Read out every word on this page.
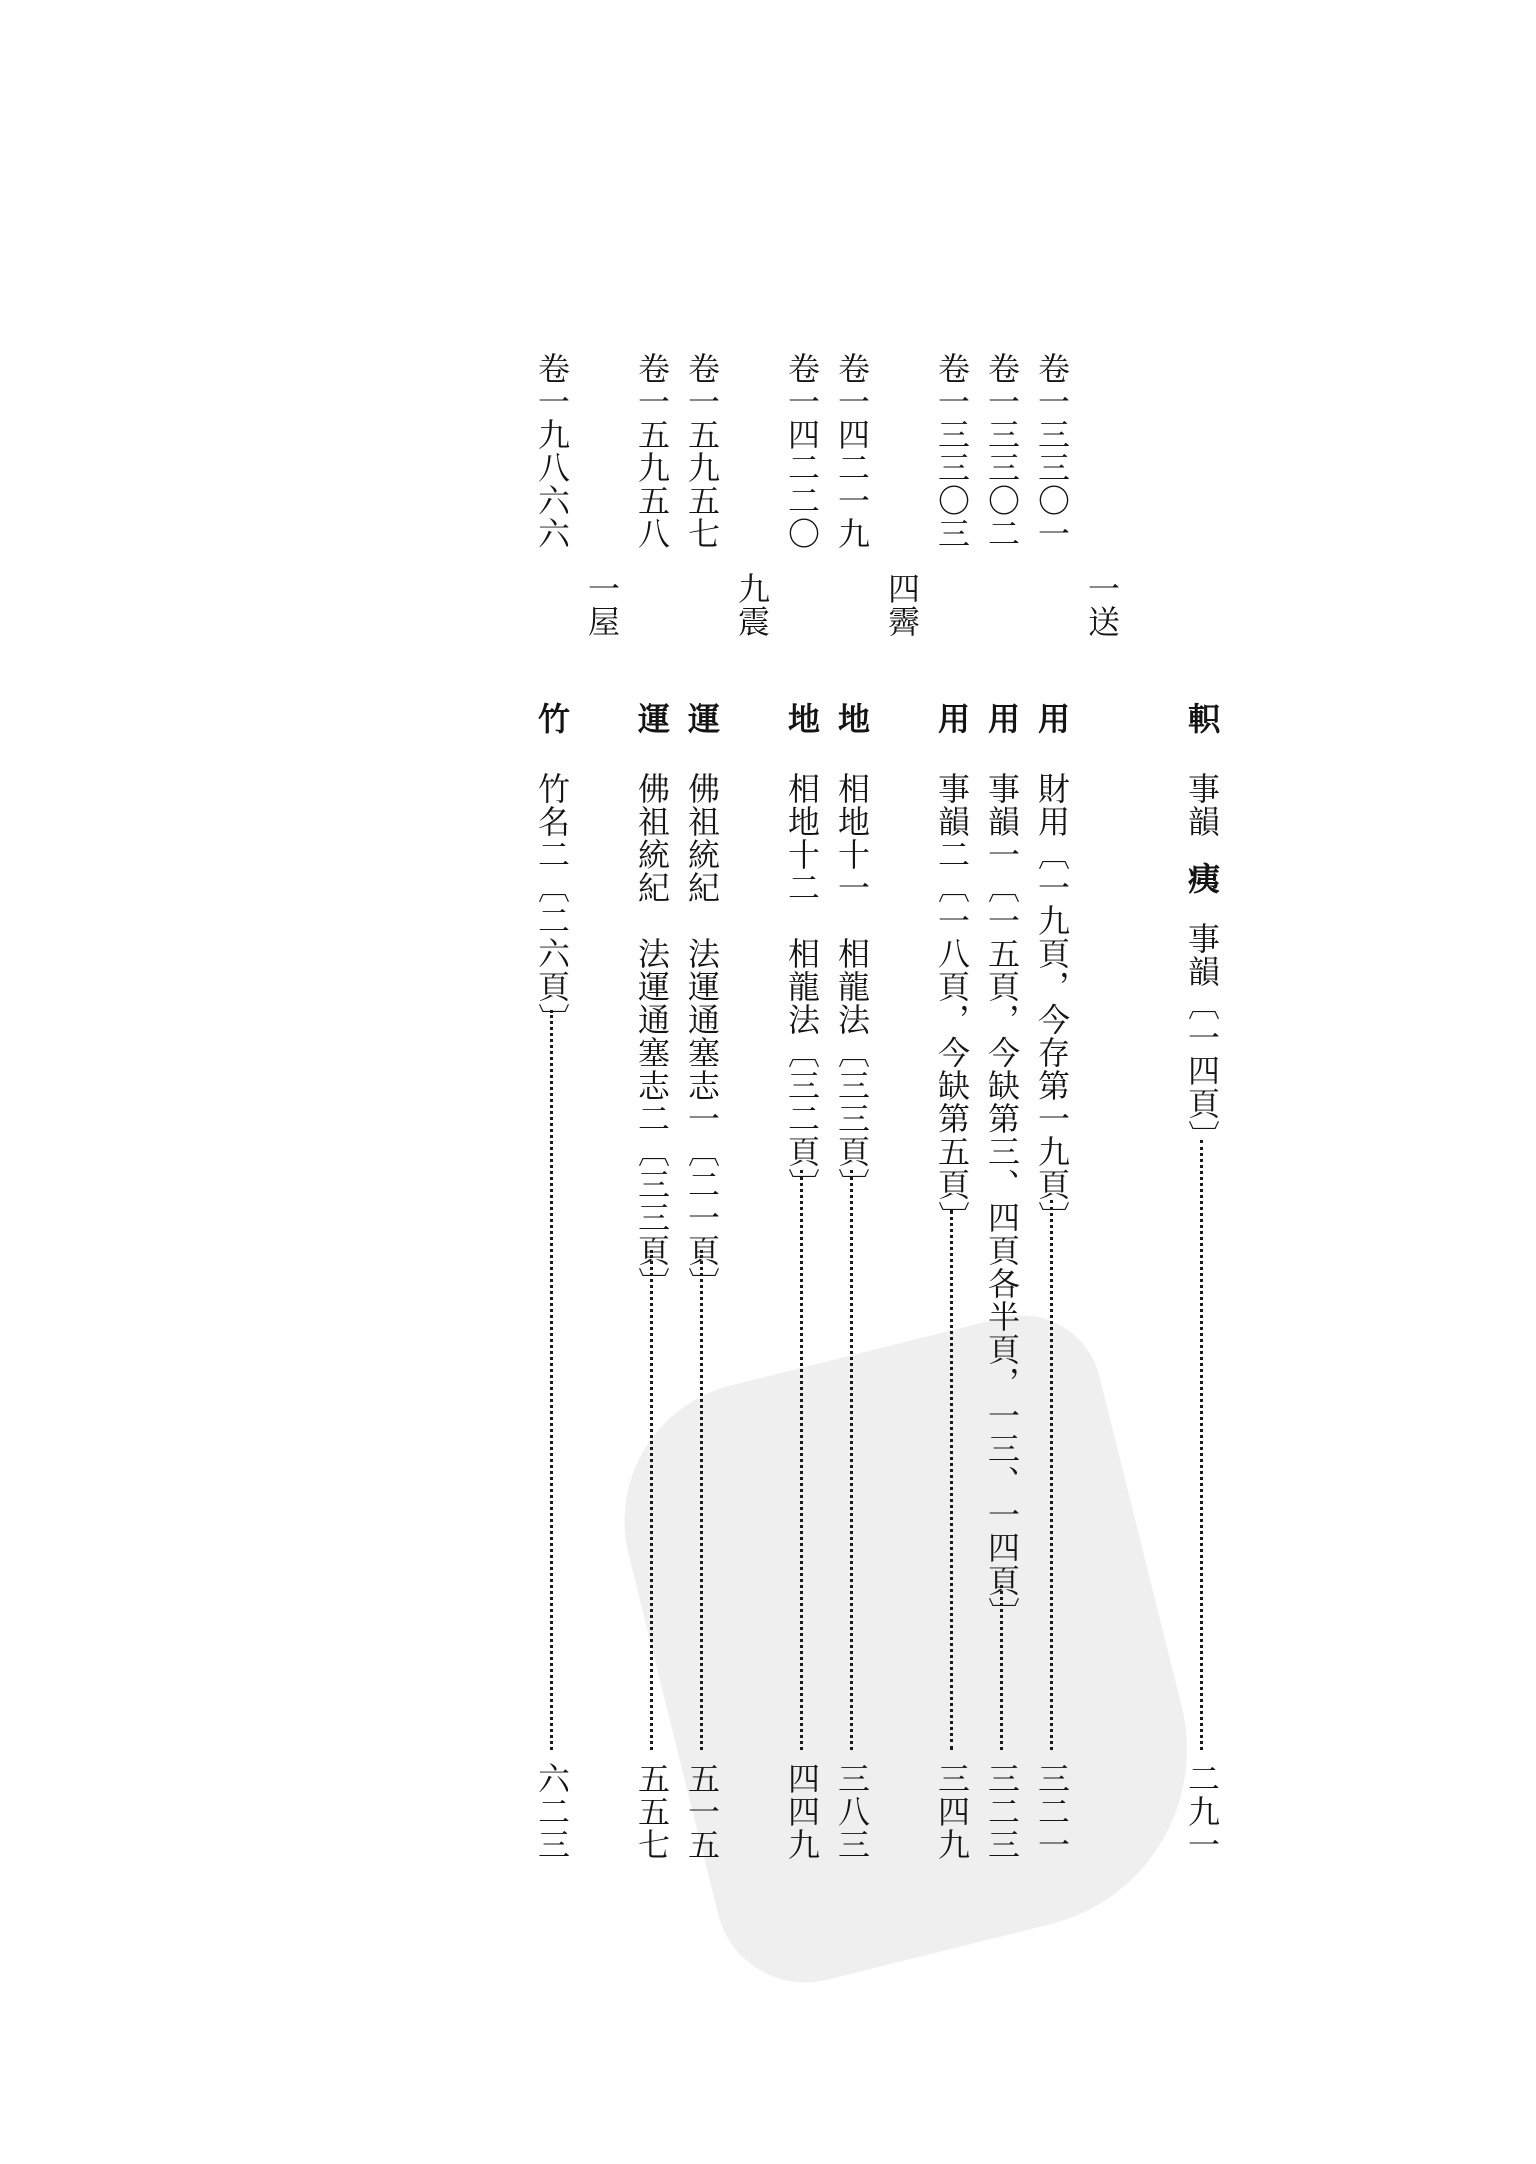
卷一三三〇一
卷一三三〇二
卷一三三〇三
卷一四二一九
卷一四二二〇
卷一五九五七
卷一五九五八
卷一九八六六
一送
四霽
九震
一屋
軹
事韻
痍
事韻〔一四頁〕
二九一
用
財用〔一九頁，今存第一九頁〕
三二一
用
事韻一〔一五頁，今缺第三、四頁各半頁，一三、一四頁〕
三二三
用
事韻二〔一八頁，今缺第五頁〕
三四九
地
相地十一　相龍法〔三三頁〕
三八三
地
相地十二　相龍法〔三二頁〕
四四九
運
佛祖統紀　法運通塞志一〔二一頁〕
五一五
運
佛祖統紀　法運通塞志二〔三三頁〕
五五七
竹
竹名二〔二六頁〕
六二三
